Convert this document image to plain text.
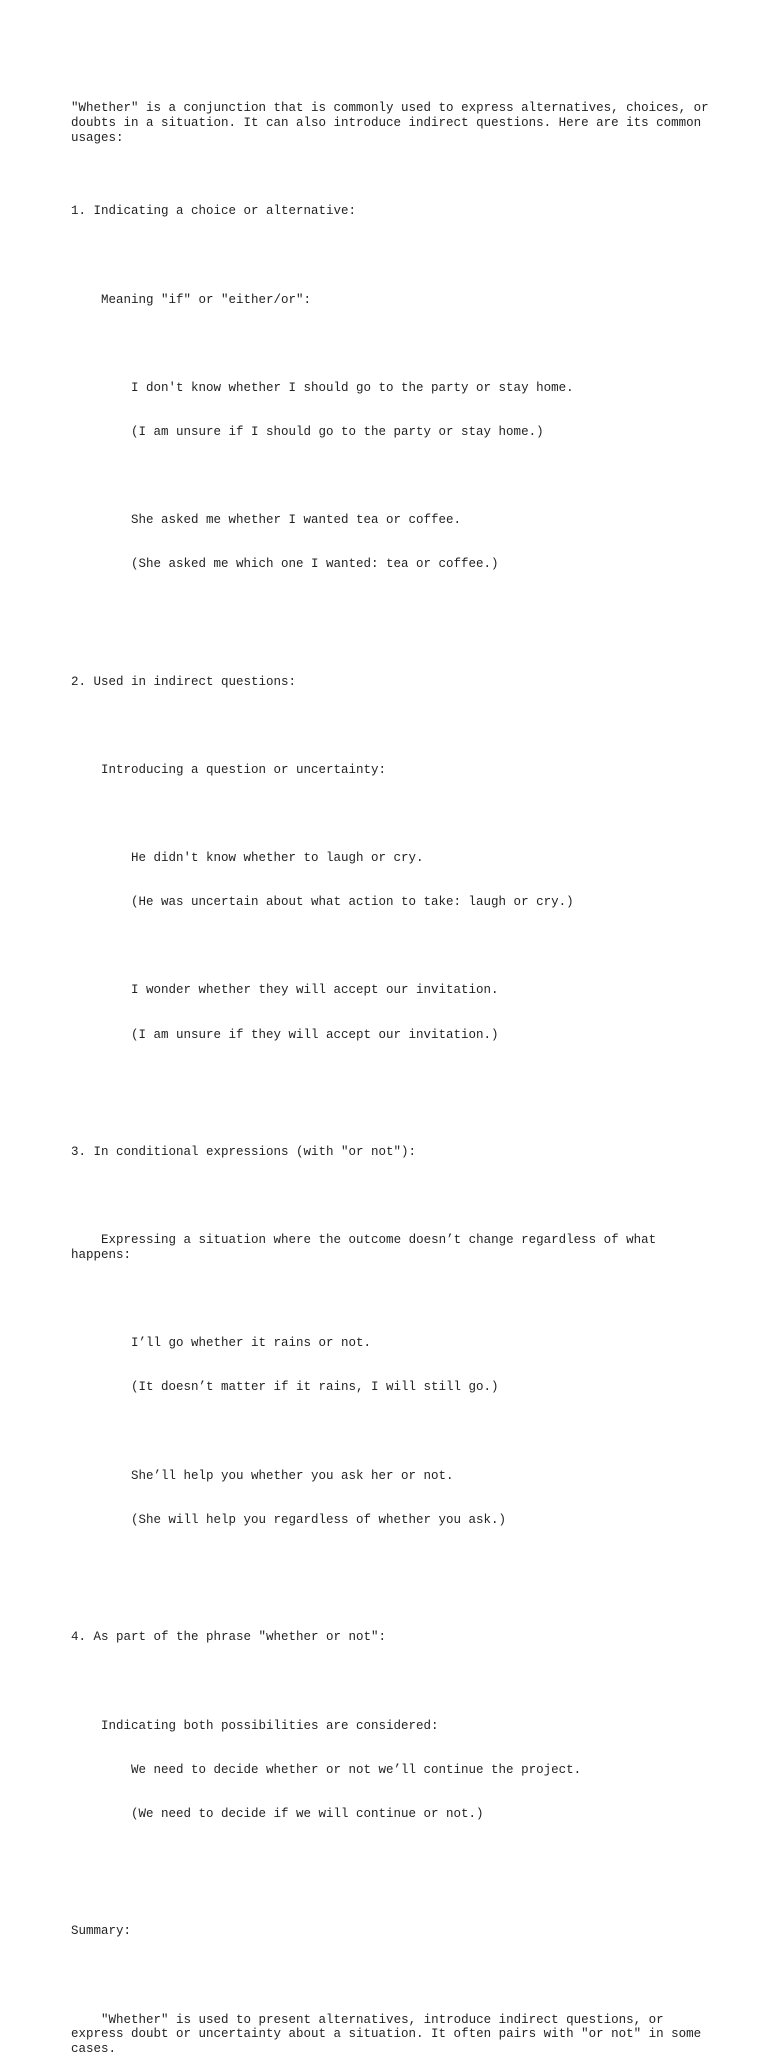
"Whether" is a conjunction that is commonly used to express alternatives, choices, or doubts in a situation. It can also introduce indirect questions. Here are its common usages:

1. Indicating a choice or alternative:

Meaning "if" or "either/or":

I don't know whether I should go to the party or stay home.

(I am unsure if I should go to the party or stay home.)

She asked me whether I wanted tea or coffee.

(She asked me which one I wanted: tea or coffee.)

2. Used in indirect questions:

Introducing a question or uncertainty:

He didn't know whether to laugh or cry.

(He was uncertain about what action to take: laugh or cry.)

I wonder whether they will accept our invitation.

(I am unsure if they will accept our invitation.)

3. In conditional expressions (with "or not"):

Expressing a situation where the outcome doesn’t change regardless of what happens:

I’ll go whether it rains or not.

(It doesn’t matter if it rains, I will still go.)

She’ll help you whether you ask her or not.

(She will help you regardless of whether you ask.)

4. As part of the phrase "whether or not":

Indicating both possibilities are considered:

We need to decide whether or not we’ll continue the project.

(We need to decide if we will continue or not.)

Summary:

"Whether" is used to present alternatives, introduce indirect questions, or express doubt or uncertainty about a situation. It often pairs with "or not" in some cases.
